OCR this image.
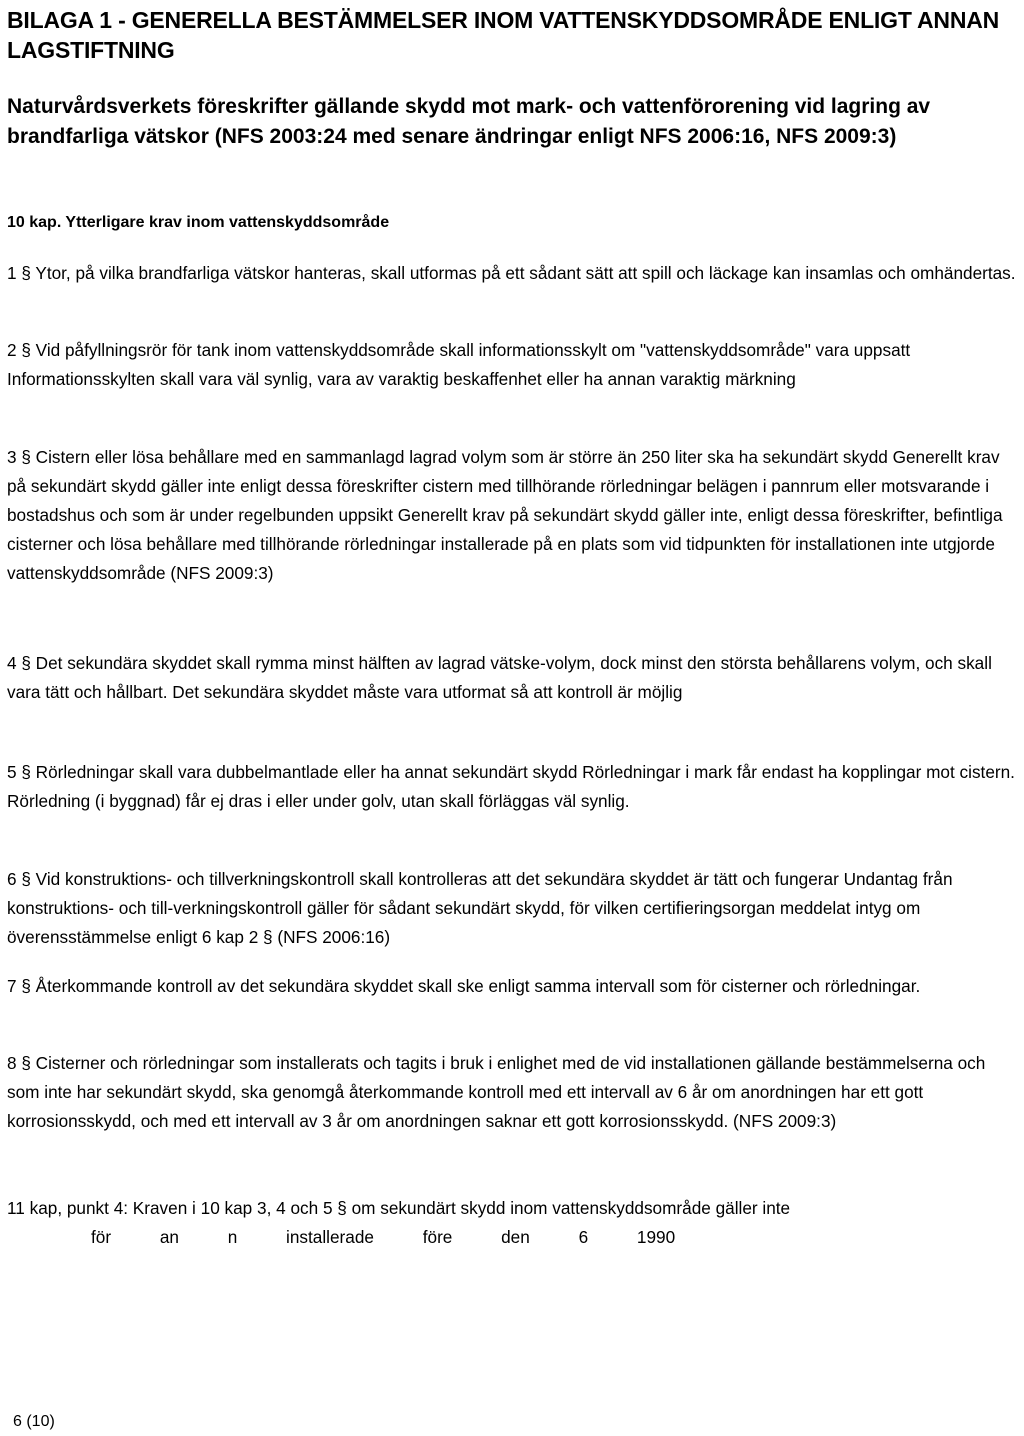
BILAGA 1 - GENERELLA BESTÄMMELSER INOM VATTENSKYDDSOMRÅDE ENLIGT ANNAN LAGSTIFTNING
Naturvårdsverkets föreskrifter gällande skydd mot mark- och vattenförorening vid lagring av brandfarliga vätskor (NFS 2003:24 med senare ändringar enligt NFS 2006:16, NFS 2009:3)
10 kap. Ytterligare krav inom vattenskyddsområde

1 § Ytor, på vilka brandfarliga vätskor hanteras, skall utformas på ett sådant sätt att spill och läckage kan insamlas och omhändertas.

2 § Vid påfyllningsrör för tank inom vattenskyddsområde skall informationsskylt om "vattenskyddsområde" vara uppsatt Informationsskylten skall vara väl synlig, vara av varaktig beskaffenhet eller ha annan varaktig märkning

3 § Cistern eller lösa behållare med en sammanlagd lagrad volym som är större än 250 liter ska ha sekundärt skydd Generellt krav på sekundärt skydd gäller inte enligt dessa föreskrifter cistern med tillhörande rörledningar belägen i pannrum eller motsvarande i bostadshus och som är under regelbunden uppsikt Generellt krav på sekundärt skydd gäller inte, enligt dessa föreskrifter, befintliga cisterner och lösa behållare med tillhörande rörledningar installerade på en plats som vid tidpunkten för installationen inte utgjorde vattenskyddsområde (NFS 2009:3)

4 § Det sekundära skyddet skall rymma minst hälften av lagrad vätske-volym, dock minst den största behållarens volym, och skall vara tätt och hållbart. Det sekundära skyddet måste vara utformat så att kontroll är möjlig

5 § Rörledningar skall vara dubbelmantlade eller ha annat sekundärt skydd Rörledningar i mark får endast ha kopplingar mot cistern. Rörledning (i byggnad) får ej dras i eller under golv, utan skall förläggas väl synlig.

6 § Vid konstruktions- och tillverkningskontroll skall kontrolleras att det sekundära skyddet är tätt och fungerar Undantag från konstruktions- och till-verkningskontroll gäller för sådant sekundärt skydd, för vilken certifieringsorgan meddelat intyg om överensstämmelse enligt 6 kap 2 § (NFS 2006:16)

7 § Återkommande kontroll av det sekundära skyddet skall ske enligt samma intervall som för cisterner och rörledningar.

8 § Cisterner och rörledningar som installerats och tagits i bruk i enlighet med de vid installationen gällande bestämmelserna och som inte har sekundärt skydd, ska genomgå återkommande kontroll med ett intervall av 6 år om anordningen har ett gott korrosionsskydd, och med ett intervall av 3 år om anordningen saknar ett gott korrosionsskydd. (NFS 2009:3)

11 kap, punkt 4: Kraven i 10 kap 3, 4 och 5 § om sekundärt skydd inom vattenskyddsområde gäller inte
för an n installerade före den 6 1990
6 (10)
